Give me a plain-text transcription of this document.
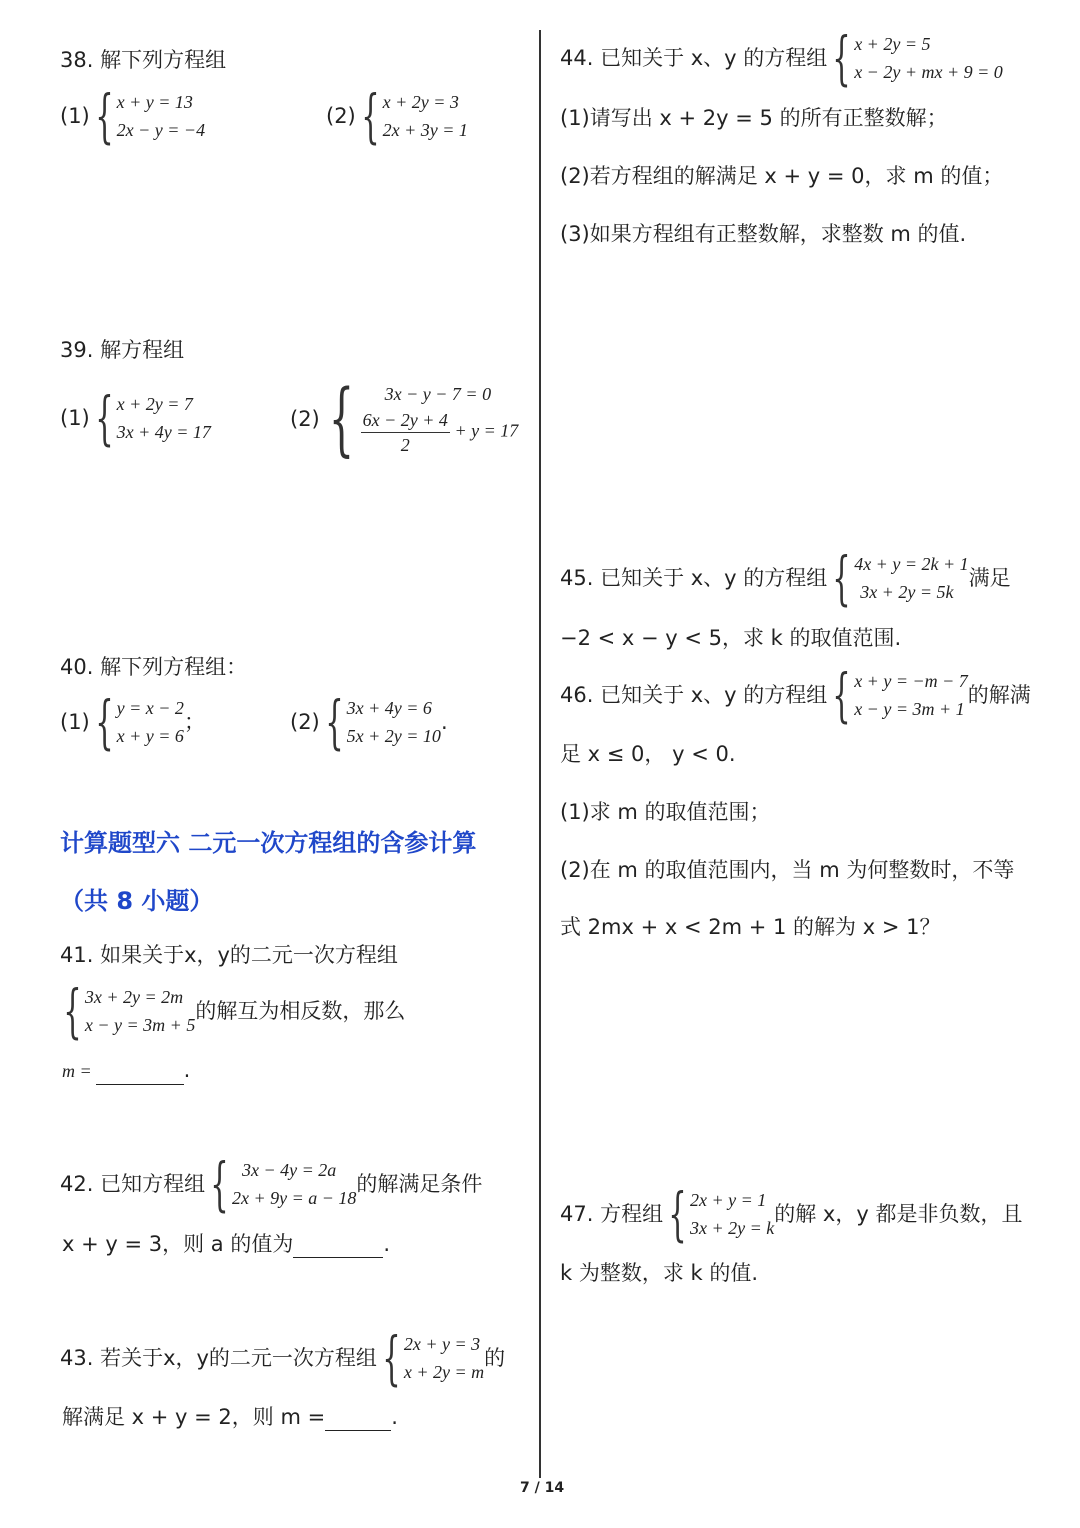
38. 解下列方程组
(1) { x + y = 13
2x − y = −4
(2) { x + 2y = 3
2x + 3y = 1
39. 解方程组
(1) { x + 2y = 7
3x + 4y = 17
(2) {	3x − y − 7 = 0
$\frac{6x - 2y + 4}{2} + y = 17$
40. 解下列方程组：
(1) { y = x − 2
x + y = 6
；	(2) { 3x + 4y = 6
5x + 2y = 10
.
计算题型六 二元一次方程组的含参计算
（共 8 小题）
41. 如果关于x，y的二元一次方程组
{ 3x + 2y = 2m
x − y = 3m + 5
的解互为相反数，那么
m =	.
42. 已知方程组 { 3x − 4y = 2a
2x + 9y = a − 18
的解满足条件
x + y = 3，则 a 的值为	.
43. 若关于x，y的二元一次方程组 { 2x + y = 3
x + 2y = m
的
解满足 x + y = 2，则 m =	.
44. 已知关于 x、y 的方程组 { x + 2y = 5
x − 2y + mx + 9 = 0
(1)请写出 x + 2y = 5 的所有正整数解；
(2)若方程组的解满足 x + y = 0，求 m 的值；
(3)如果方程组有正整数解，求整数 m 的值.
45. 已知关于 x、y 的方程组 { 4x + y = 2k + 1
3x + 2y = 5k
满足
−2 < x − y < 5，求 k 的取值范围.
46. 已知关于 x、y 的方程组 { x + y = −m − 7
x − y = 3m + 1
的解满
足 x ≤ 0， y < 0.
(1)求 m 的取值范围；
(2)在 m 的取值范围内，当 m 为何整数时，不等
式 2mx + x < 2m + 1 的解为 x > 1？
47. 方程组 { 2x + y = 1
3x + 2y = k
的解 x，y 都是非负数，且
k 为整数，求 k 的值.
7 / 14
